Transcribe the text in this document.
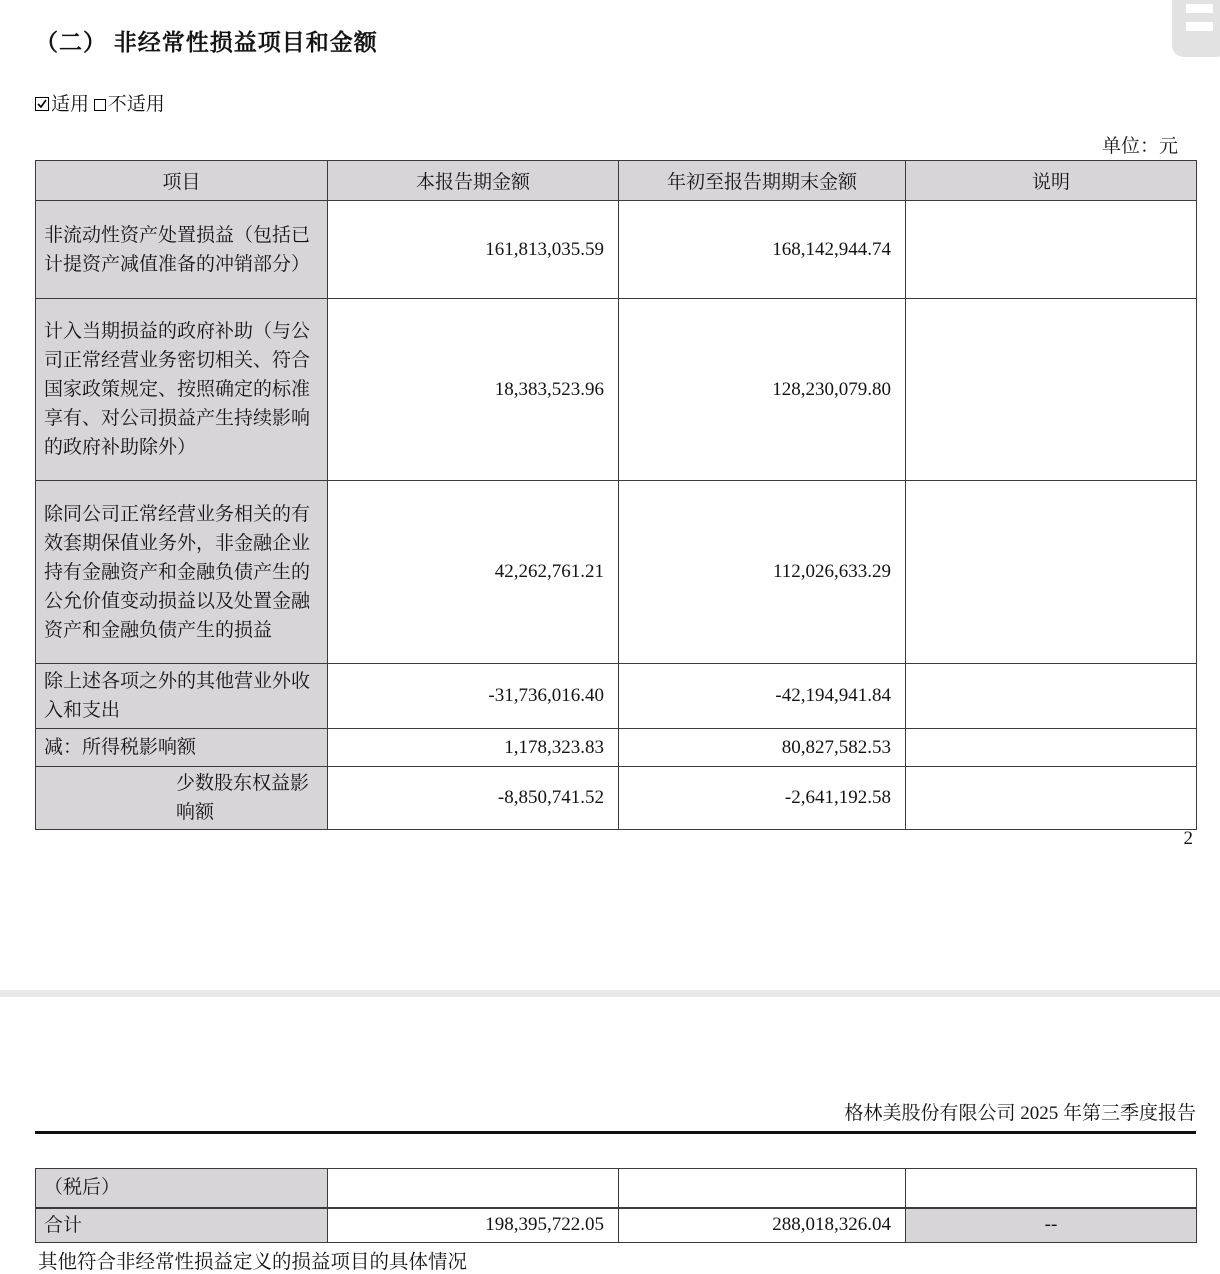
（二） 非经常性损益项目和金额
适用 不适用
单位：元
项目	本报告期金额	年初至报告期期末金额	说明
非流动性资产处置损益（包括已计提资产减值准备的冲销部分）	161,813,035.59	168,142,944.74	
计入当期损益的政府补助（与公司正常经营业务密切相关、符合国家政策规定、按照确定的标准享有、对公司损益产生持续影响的政府补助除外）	18,383,523.96	128,230,079.80	
除同公司正常经营业务相关的有效套期保值业务外，非金融企业持有金融资产和金融负债产生的公允价值变动损益以及处置金融资产和金融负债产生的损益	42,262,761.21	112,026,633.29	
除上述各项之外的其他营业外收入和支出	-31,736,016.40	-42,194,941.84	
减：所得税影响额	1,178,323.83	80,827,582.53	
少数股东权益影响额	-8,850,741.52	-2,641,192.58	
2
格林美股份有限公司 2025 年第三季度报告
（税后）			
合计	198,395,722.05	288,018,326.04	--
其他符合非经常性损益定义的损益项目的具体情况
